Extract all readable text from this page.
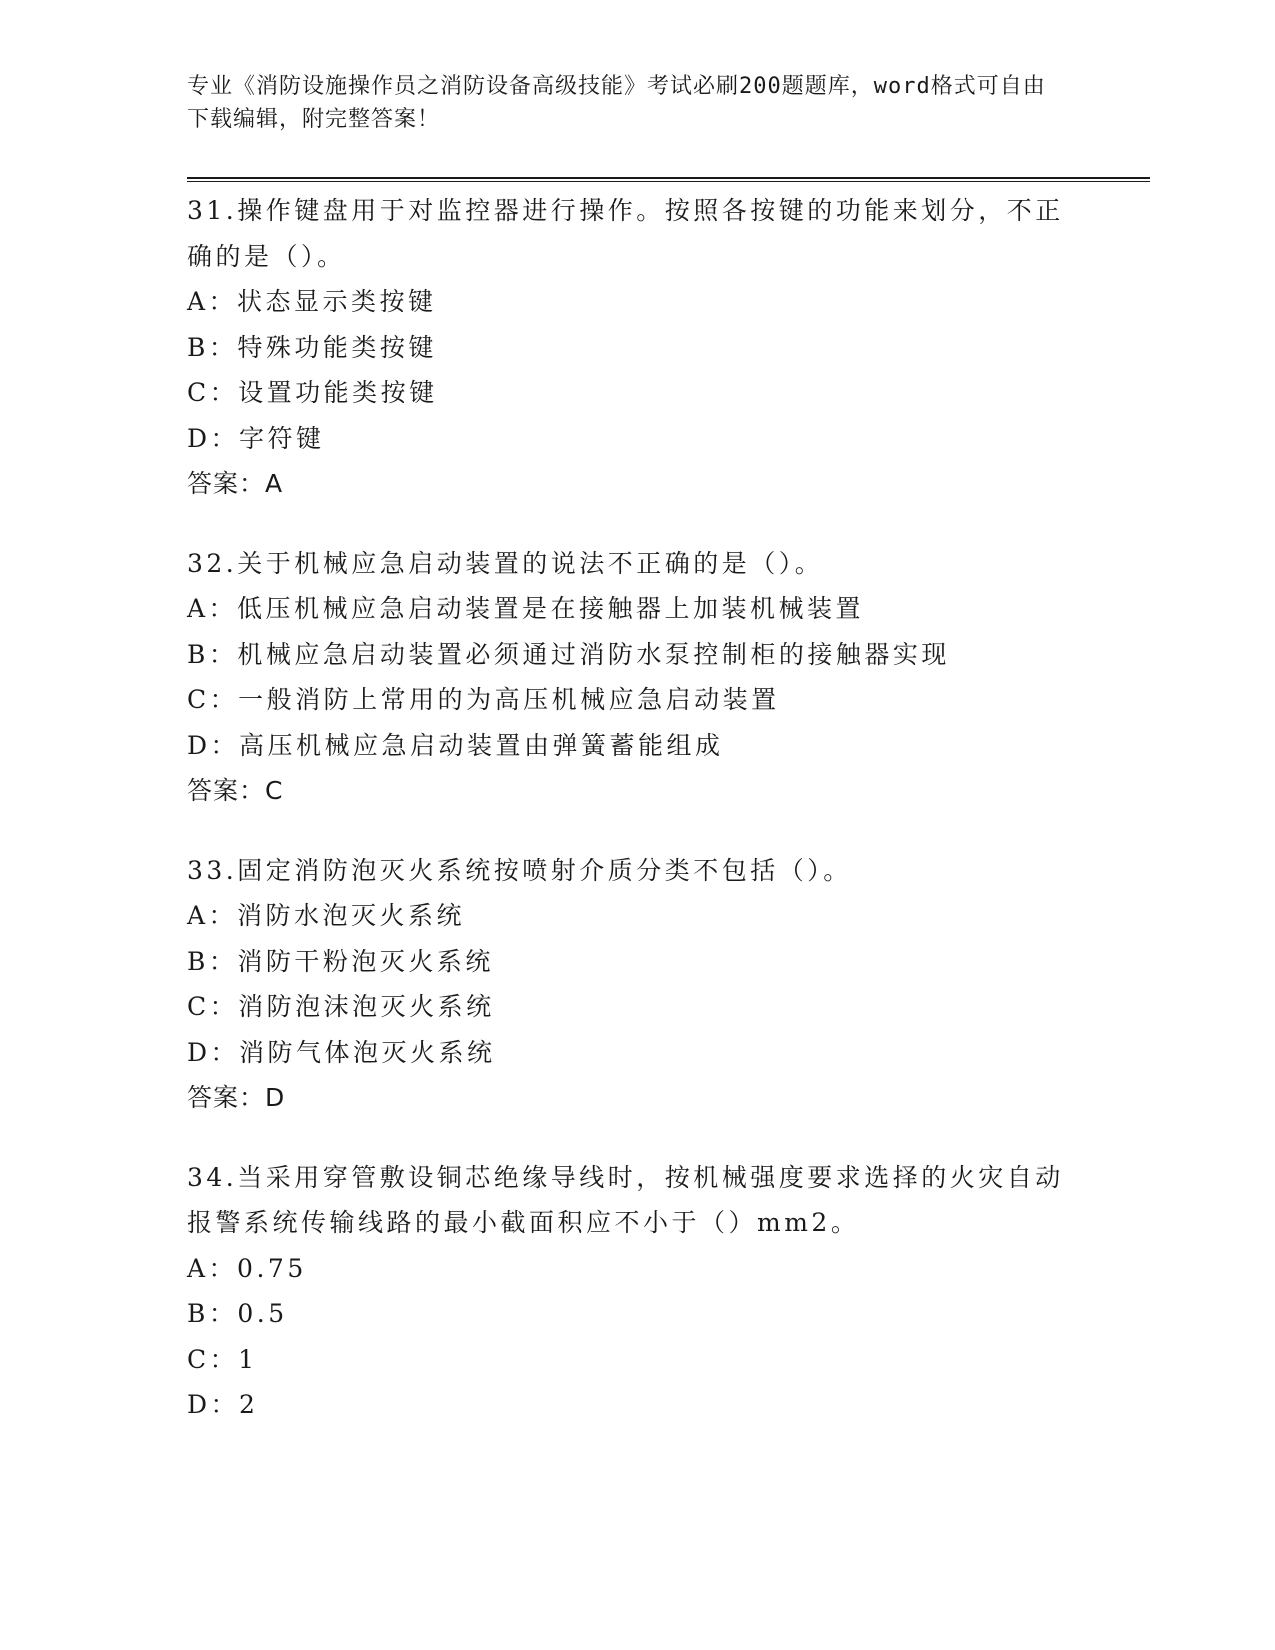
专业《消防设施操作员之消防设备高级技能》考试必刷200题题库，word格式可自由下载编辑，附完整答案！

31.操作键盘用于对监控器进行操作。按照各按键的功能来划分，不正确的是（）。

A：状态显示类按键
B：特殊功能类按键
C：设置功能类按键
D：字符键

答案：A

32.关于机械应急启动装置的说法不正确的是（）。

A：低压机械应急启动装置是在接触器上加装机械装置
B：机械应急启动装置必须通过消防水泵控制柜的接触器实现
C：一般消防上常用的为高压机械应急启动装置
D：高压机械应急启动装置由弹簧蓄能组成

答案：C

33.固定消防泡灭火系统按喷射介质分类不包括（）。

A：消防水泡灭火系统
B：消防干粉泡灭火系统
C：消防泡沫泡灭火系统
D：消防气体泡灭火系统

答案：D

34.当采用穿管敷设铜芯绝缘导线时，按机械强度要求选择的火灾自动报警系统传输线路的最小截面积应不小于（）mm2。

A：0.75
B：0.5
C：1
D：2
